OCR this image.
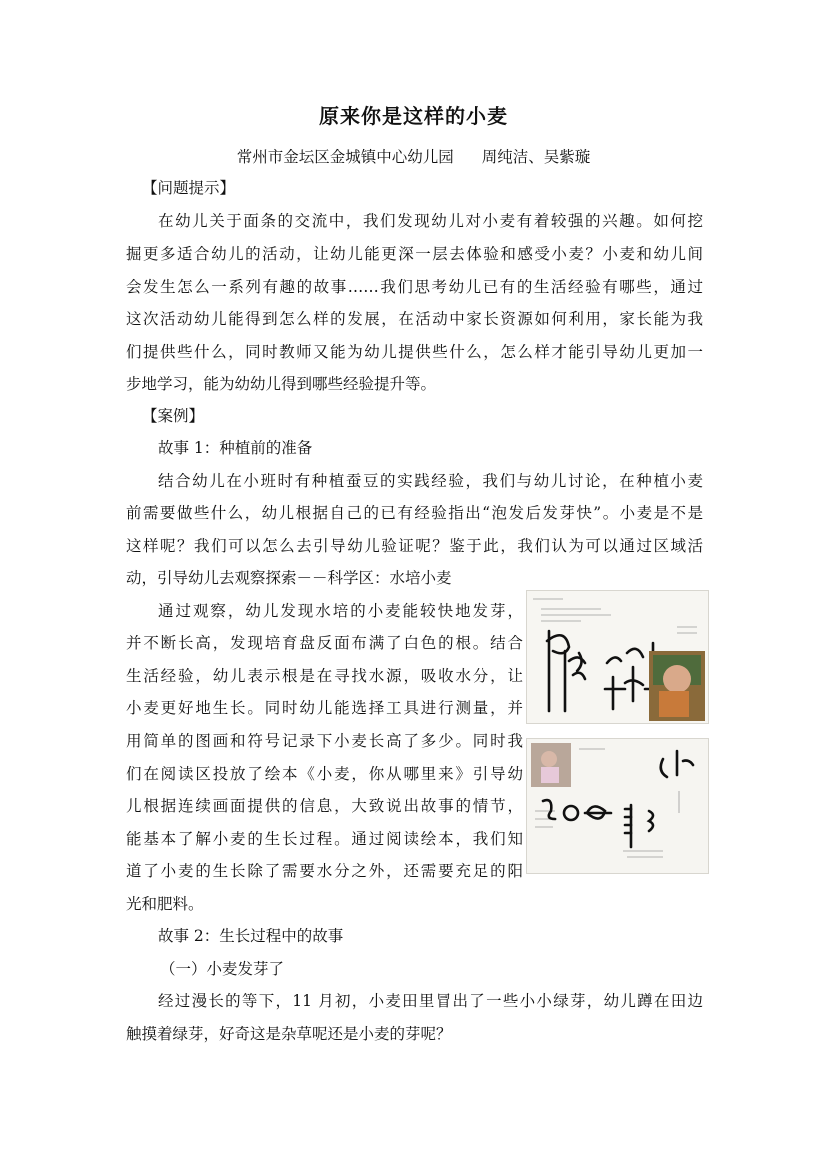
原来你是这样的小麦
常州市金坛区金城镇中心幼儿园 周纯洁、吴紫璇
【问题提示】
在幼儿关于面条的交流中，我们发现幼儿对小麦有着较强的兴趣。如何挖
掘更多适合幼儿的活动，让幼儿能更深一层去体验和感受小麦？小麦和幼儿间
会发生怎么一系列有趣的故事……我们思考幼儿已有的生活经验有哪些，通过
这次活动幼儿能得到怎么样的发展，在活动中家长资源如何利用，家长能为我
们提供些什么，同时教师又能为幼儿提供些什么，怎么样才能引导幼儿更加一
步地学习，能为幼幼儿得到哪些经验提升等。
【案例】
故事 1：种植前的准备
结合幼儿在小班时有种植蚕豆的实践经验，我们与幼儿讨论，在种植小麦
前需要做些什么，幼儿根据自己的已有经验指出“泡发后发芽快”。小麦是不是
这样呢？我们可以怎么去引导幼儿验证呢？鉴于此，我们认为可以通过区域活
动，引导幼儿去观察探索－－科学区：水培小麦
通过观察，幼儿发现水培的小麦能较快地发芽，
并不断长高，发现培育盘反面布满了白色的根。结合
生活经验，幼儿表示根是在寻找水源，吸收水分，让
小麦更好地生长。同时幼儿能选择工具进行测量，并
用简单的图画和符号记录下小麦长高了多少。同时我
们在阅读区投放了绘本《小麦，你从哪里来》引导幼
儿根据连续画面提供的信息，大致说出故事的情节，
能基本了解小麦的生长过程。通过阅读绘本，我们知
道了小麦的生长除了需要水分之外，还需要充足的阳
光和肥料。
故事 2：生长过程中的故事
（一）小麦发芽了
经过漫长的等下，11 月初，小麦田里冒出了一些小小绿芽，幼儿蹲在田边
触摸着绿芽，好奇这是杂草呢还是小麦的芽呢？
